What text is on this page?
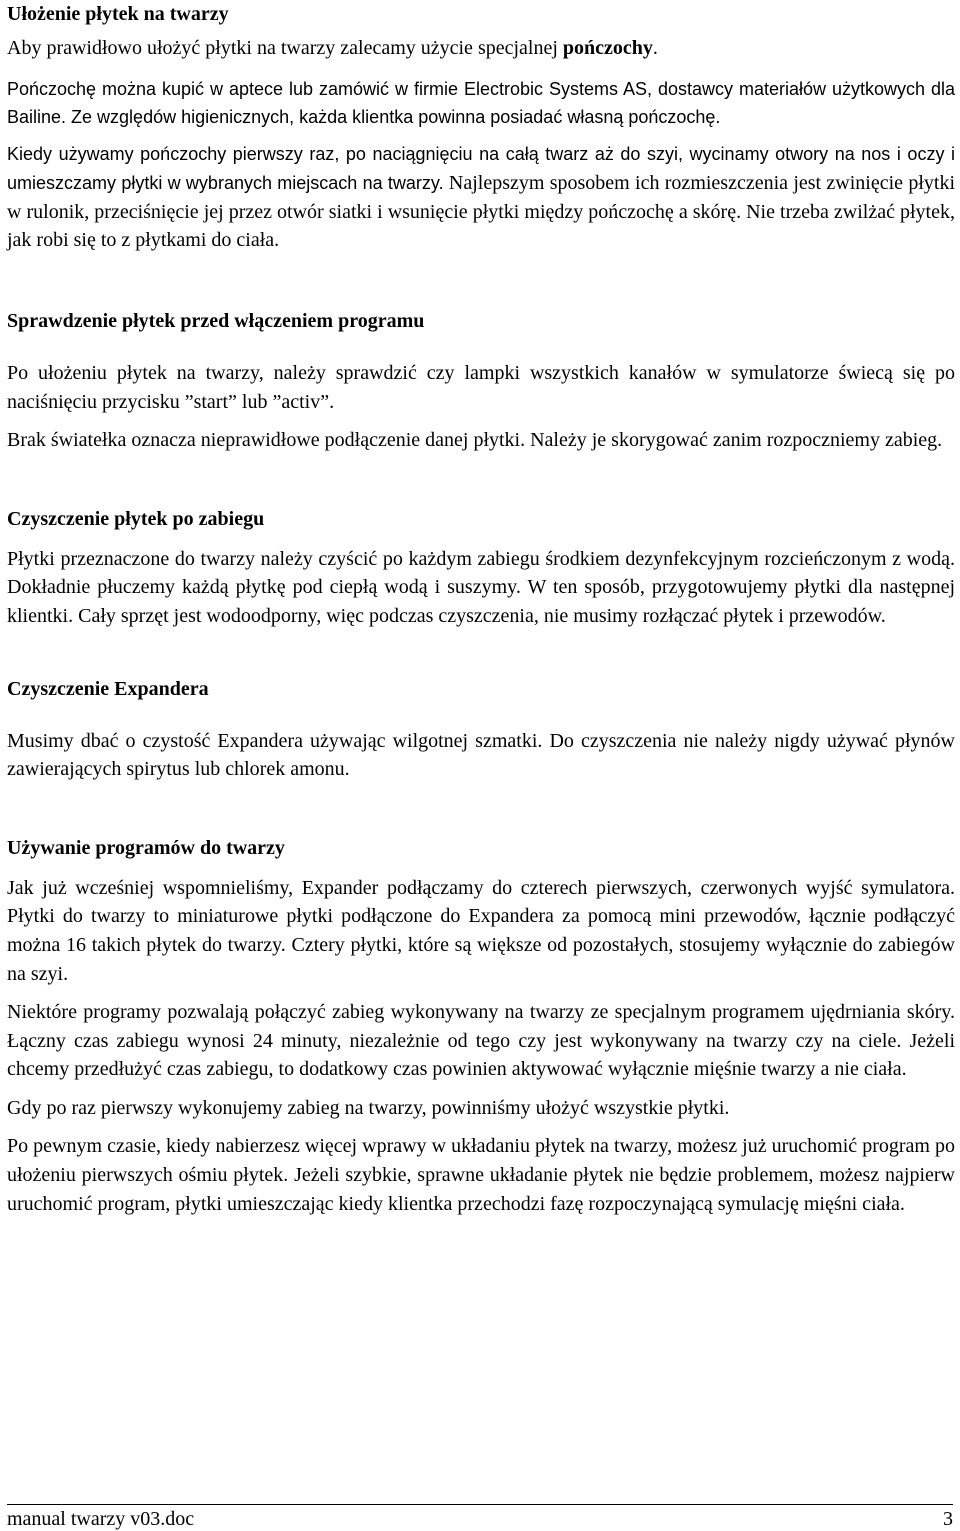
Ułożenie płytek na twarzy

Aby prawidłowo ułożyć płytki na twarzy zalecamy użycie specjalnej pończochy.

Pończochę można kupić w aptece lub zamówić w firmie Electrobic Systems AS, dostawcy materiałów użytkowych dla Bailine. Ze względów higienicznych, każda klientka powinna posiadać własną pończochę.

Kiedy używamy pończochy pierwszy raz, po naciągnięciu na całą twarz aż do szyi, wycinamy otwory na nos i oczy i umieszczamy płytki w wybranych miejscach na twarzy. Najlepszym sposobem ich rozmieszczenia jest zwinięcie płytki w rulonik, przeciśnięcie jej przez otwór siatki i wsunięcie płytki między pończochę a skórę. Nie trzeba zwilżać płytek, jak robi się to z płytkami do ciała.

Sprawdzenie płytek przed włączeniem programu

Po ułożeniu płytek na twarzy, należy sprawdzić czy lampki wszystkich kanałów w symulatorze świecą się po naciśnięciu przycisku ”start” lub ”activ”.

Brak światełka oznacza nieprawidłowe podłączenie danej płytki. Należy je skorygować zanim rozpoczniemy zabieg.

Czyszczenie płytek po zabiegu

Płytki przeznaczone do twarzy należy czyścić po każdym zabiegu środkiem dezynfekcyjnym rozcieńczonym z wodą. Dokładnie płuczemy każdą płytkę pod ciepłą wodą i suszymy. W ten sposób, przygotowujemy płytki dla następnej klientki. Cały sprzęt jest wodoodporny, więc podczas czyszczenia, nie musimy rozłączać płytek i przewodów.

Czyszczenie Expandera

Musimy dbać o czystość Expandera używając wilgotnej szmatki. Do czyszczenia nie należy nigdy używać płynów zawierających spirytus lub chlorek amonu.

Używanie programów do twarzy

Jak już wcześniej wspomnieliśmy, Expander podłączamy do czterech pierwszych, czerwonych wyjść symulatora. Płytki do twarzy to miniaturowe płytki podłączone do Expandera za pomocą mini przewodów, łącznie podłączyć można 16 takich płytek do twarzy. Cztery płytki, które są większe od pozostałych, stosujemy wyłącznie do zabiegów na szyi.

Niektóre programy pozwalają połączyć zabieg wykonywany na twarzy ze specjalnym programem ujędrniania skóry. Łączny czas zabiegu wynosi 24 minuty, niezależnie od tego czy jest wykonywany na twarzy czy na ciele. Jeżeli chcemy przedłużyć czas zabiegu, to dodatkowy czas powinien aktywować wyłącznie mięśnie twarzy a nie ciała.

Gdy po raz pierwszy wykonujemy zabieg na twarzy, powinniśmy ułożyć wszystkie płytki.

Po pewnym czasie, kiedy nabierzesz więcej wprawy w układaniu płytek na twarzy, możesz już uruchomić program po ułożeniu pierwszych ośmiu płytek. Jeżeli szybkie, sprawne układanie płytek nie będzie problemem, możesz najpierw uruchomić program, płytki umieszczając kiedy klientka przechodzi fazę rozpoczynającą symulację mięśni ciała.

manual twarzy v03.doc	3
